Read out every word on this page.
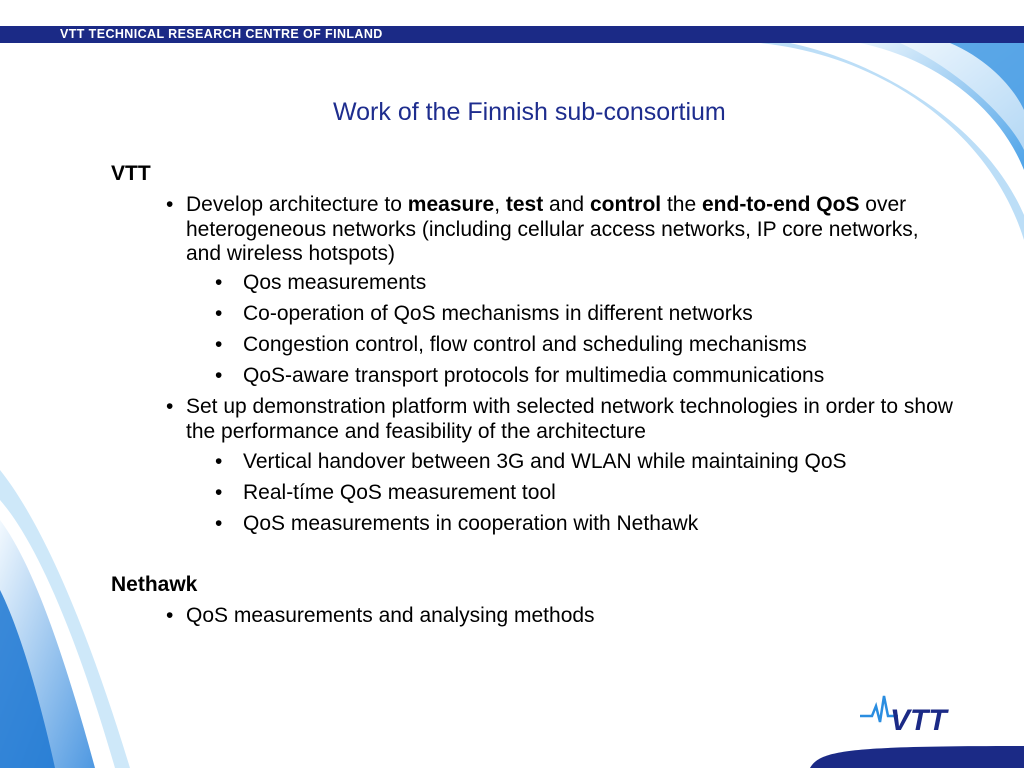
VTT TECHNICAL RESEARCH CENTRE OF FINLAND
Work of the Finnish sub-consortium
VTT
• Develop architecture to measure, test and control the end-to-end QoS over heterogeneous networks (including cellular access networks, IP core networks, and wireless hotspots)
• Qos measurements
• Co-operation of QoS mechanisms in different networks
• Congestion control, flow control and scheduling mechanisms
• QoS-aware transport protocols for multimedia communications
• Set up demonstration platform with selected network technologies in order to show the performance and feasibility of the architecture
• Vertical handover between 3G and WLAN while maintaining QoS
• Real-tíme QoS measurement tool
• QoS measurements in cooperation with Nethawk
Nethawk
• QoS measurements and analysing methods
VTT
